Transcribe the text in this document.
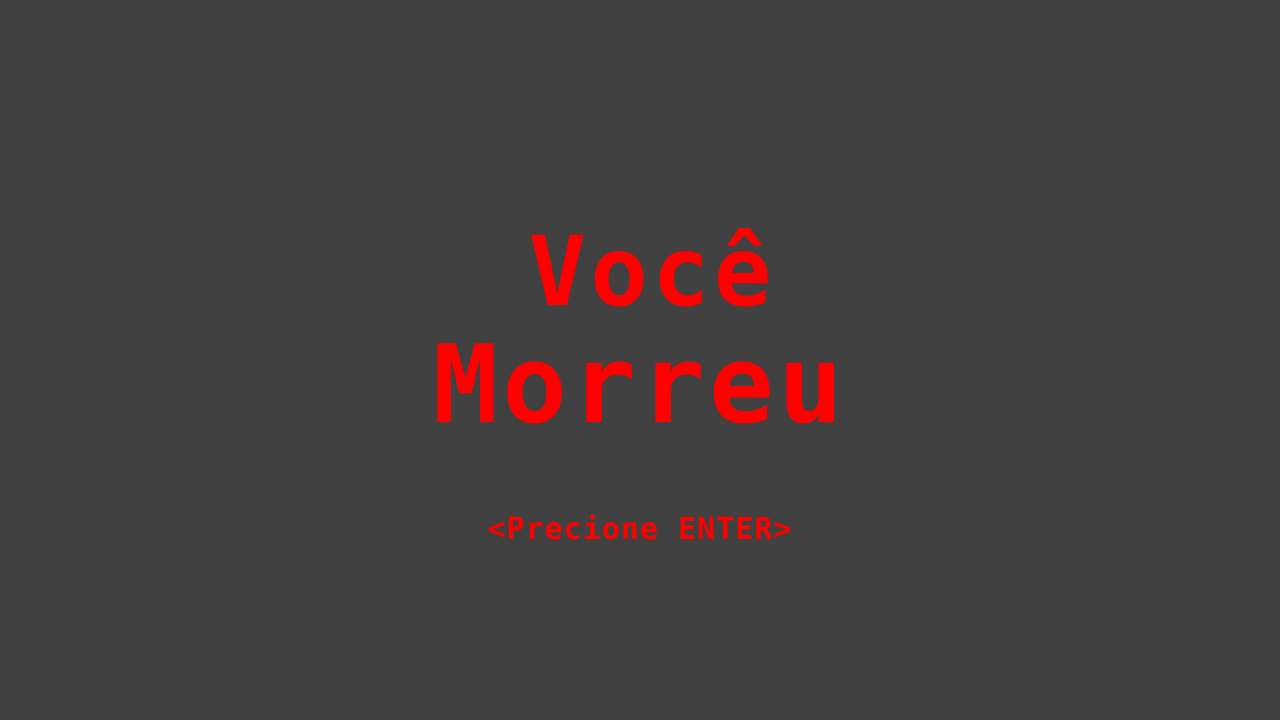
Você
Morreu
<Precione ENTER>
